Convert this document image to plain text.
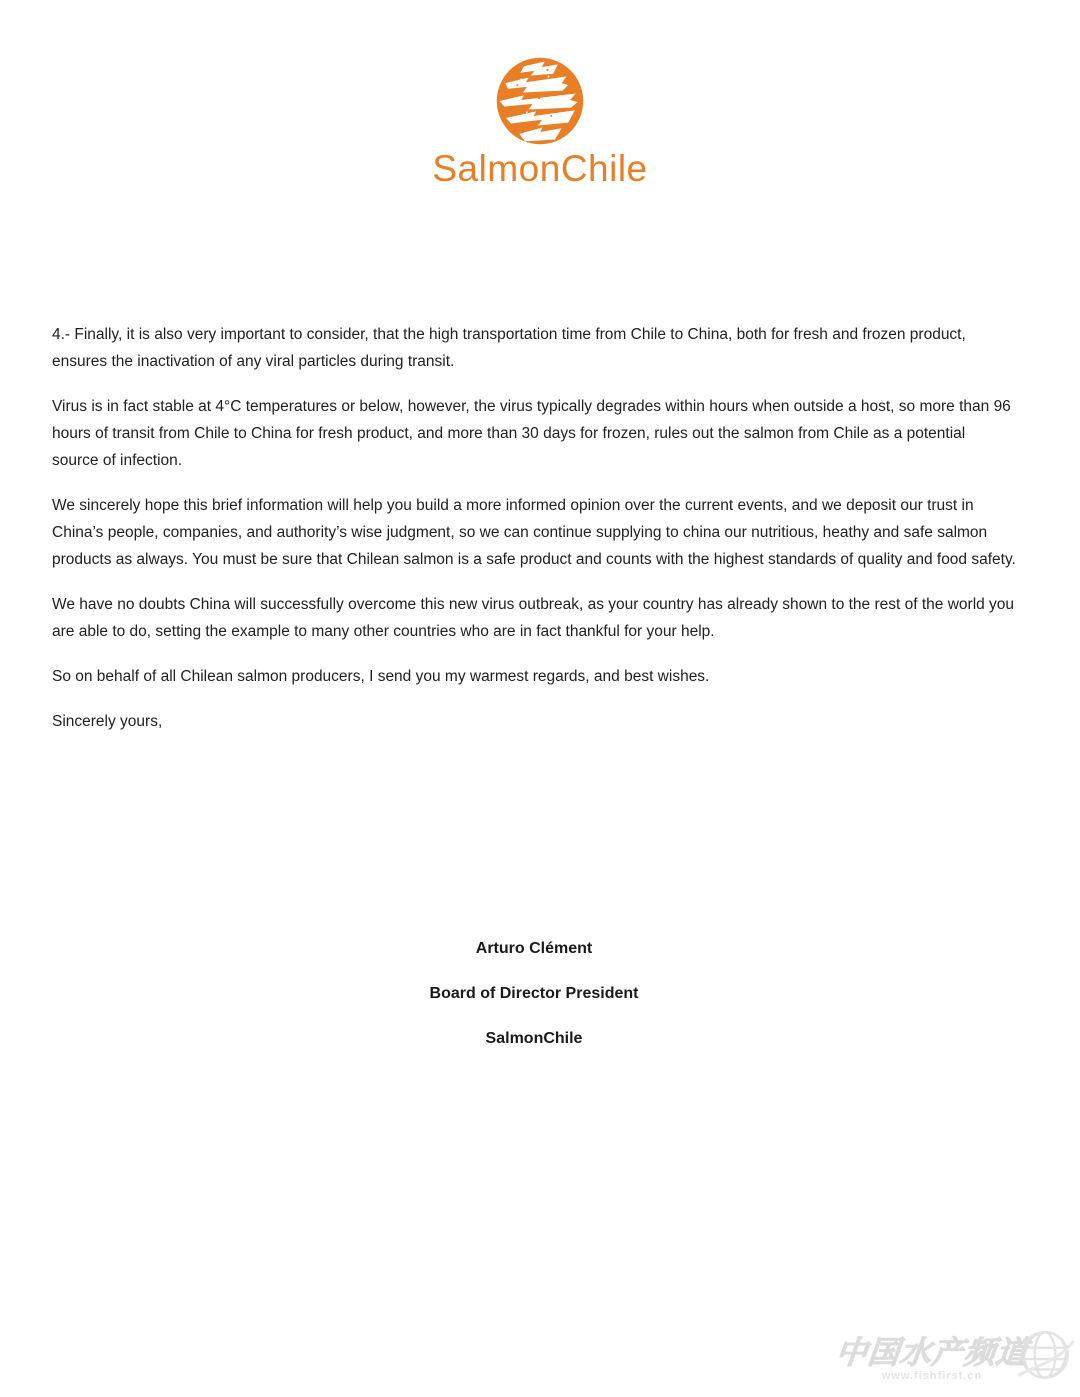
SalmonChile

4.- Finally, it is also very important to consider, that the high transportation time from Chile to China, both for fresh and frozen product, ensures the inactivation of any viral particles during transit.

Virus is in fact stable at 4°C temperatures or below, however, the virus typically degrades within hours when outside a host, so more than 96 hours of transit from Chile to China for fresh product, and more than 30 days for frozen, rules out the salmon from Chile as a potential source of infection.

We sincerely hope this brief information will help you build a more informed opinion over the current events, and we deposit our trust in China’s people, companies, and authority’s wise judgment, so we can continue supplying to china our nutritious, heathy and safe salmon products as always. You must be sure that Chilean salmon is a safe product and counts with the highest standards of quality and food safety.

We have no doubts China will successfully overcome this new virus outbreak, as your country has already shown to the rest of the world you are able to do, setting the example to many other countries who are in fact thankful for your help.

So on behalf of all Chilean salmon producers, I send you my warmest regards, and best wishes.

Sincerely yours,

Arturo Clément

Board of Director President

SalmonChile

中国水产频道
www.fishfirst.cn
